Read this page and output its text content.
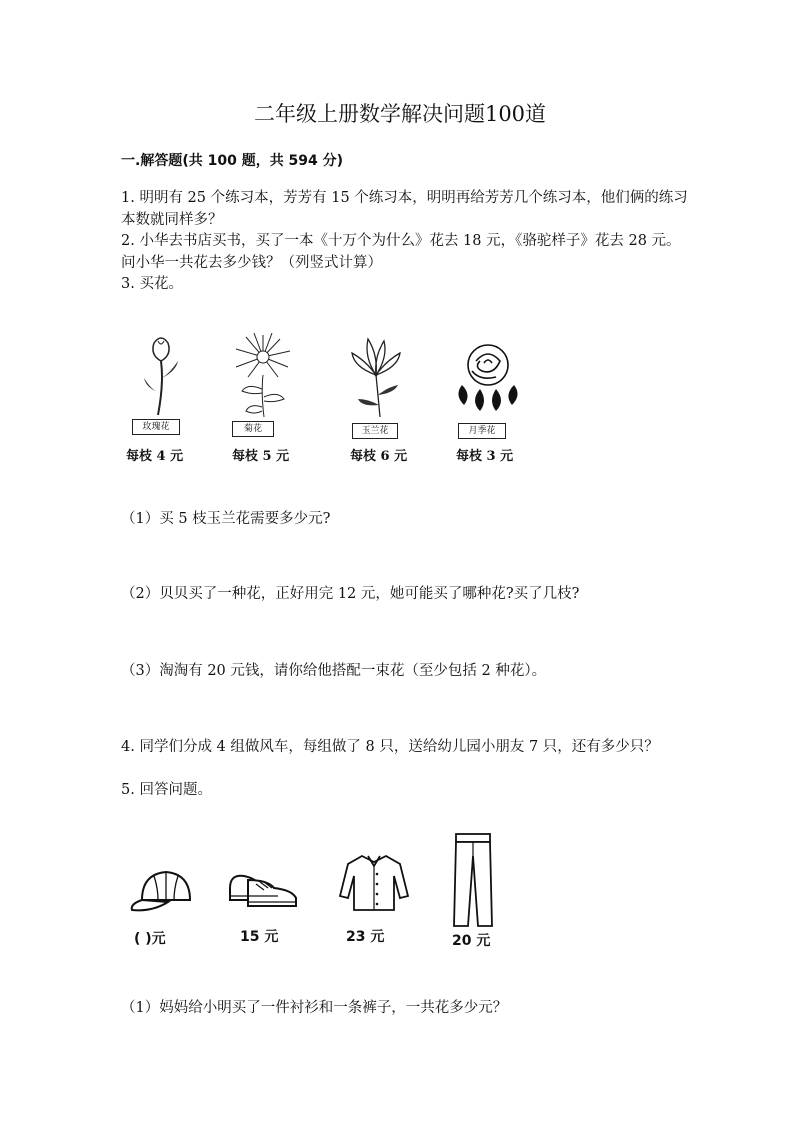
二年级上册数学解决问题100道
一.解答题(共 100 题，共 594 分)
1. 明明有 25 个练习本，芳芳有 15 个练习本，明明再给芳芳几个练习本，他们俩的练习本数就同样多？
2. 小华去书店买书，买了一本《十万个为什么》花去 18 元，《骆驼样子》花去 28 元。问小华一共花去多少钱？（列竖式计算）
3. 买花。
玫瑰花	菊花	玉兰花	月季花
每枝 4 元	每枝 5 元	每枝 6 元	每枝 3 元
（1）买 5 枝玉兰花需要多少元?
（2）贝贝买了一种花，正好用完 12 元，她可能买了哪种花?买了几枝?
（3）淘淘有 20 元钱，请你给他搭配一束花（至少包括 2 种花）。
4. 同学们分成 4 组做风车，每组做了 8 只，送给幼儿园小朋友 7 只，还有多少只？
5. 回答问题。
( )元	15 元	23 元	20 元
（1）妈妈给小明买了一件衬衫和一条裤子，一共花多少元？
